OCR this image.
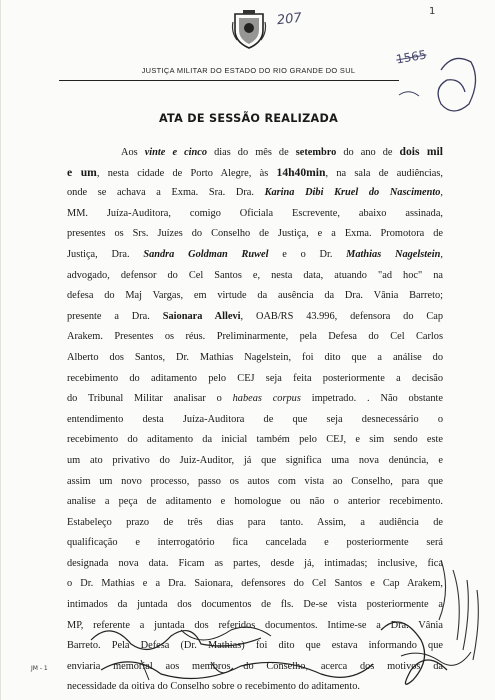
207	1
1565
JUSTIÇA MILITAR DO ESTADO DO RIO GRANDE DO SUL
ATA DE SESSÃO REALIZADA
Aos vinte e cinco dias do mês de setembro do ano de dois mil
e um, nesta cidade de Porto Alegre, às 14h40min, na sala de audiências,
onde se achava a Exma. Sra. Dra. Karina Dibi Kruel do Nascimento,
MM. Juíza-Auditora, comigo Oficiala Escrevente, abaixo assinada,
presentes os Srs. Juízes do Conselho de Justiça, e a Exma. Promotora de
Justiça, Dra. Sandra Goldman Ruwel e o Dr. Mathias Nagelstein,
advogado, defensor do Cel Santos e, nesta data, atuando "ad hoc" na
defesa do Maj Vargas, em virtude da ausência da Dra. Vânia Barreto;
presente a Dra. Saionara Allevi, OAB/RS 43.996, defensora do Cap
Arakem. Presentes os réus. Preliminarmente, pela Defesa do Cel Carlos
Alberto dos Santos, Dr. Mathias Nagelstein, foi dito que a análise do
recebimento do aditamento pelo CEJ seja feita posteriormente a decisão
do Tribunal Militar analisar o habeas corpus impetrado. . Não obstante
entendimento desta Juíza-Auditora de que seja desnecessário o
recebimento do aditamento da inicial também pelo CEJ, e sim sendo este
um ato privativo do Juiz-Auditor, já que significa uma nova denúncia, e
assim um novo processo, passo os autos com vista ao Conselho, para que
analise a peça de aditamento e homologue ou não o anterior recebimento.
Estabeleço prazo de três dias para tanto. Assim, a audiência de
qualificação e interrogatório fica cancelada e posteriormente será
designada nova data. Ficam as partes, desde já, intimadas; inclusive, fica
o Dr. Mathias e a Dra. Saionara, defensores do Cel Santos e Cap Arakem,
intimados da juntada dos documentos de fls. De-se vista posteriormente a
MP, referente a juntada dos referidos documentos. Intime-se a Dra. Vânia
Barreto. Pela Defesa (Dr. Mathias) foi dito que estava informando que
enviaria memorial aos membros do Conselho, acerca dos motivos da
necessidade da oitiva do Conselho sobre o recebimento do aditamento.
JM - 1
